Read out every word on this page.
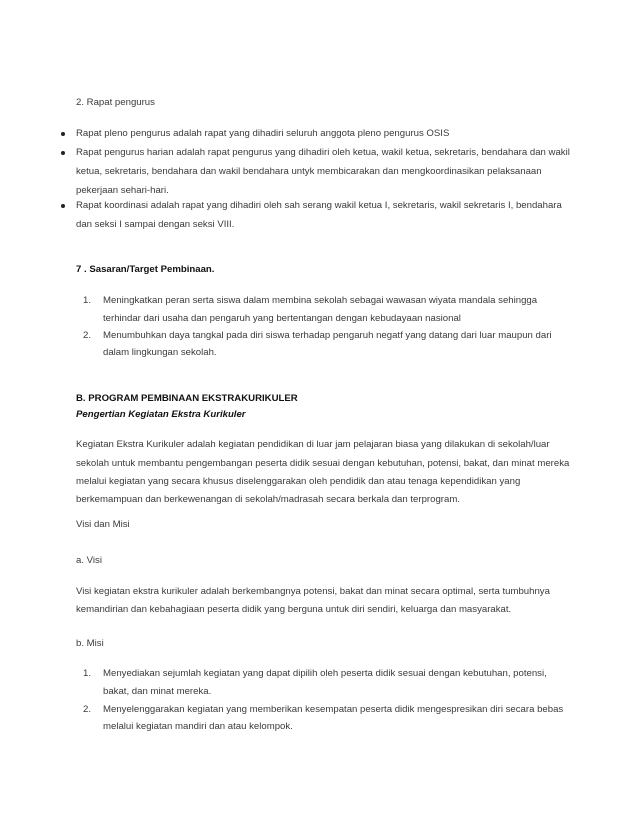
2. Rapat pengurus
Rapat pleno pengurus adalah rapat yang dihadiri seluruh anggota pleno pengurus OSIS
Rapat pengurus harian adalah rapat pengurus yang dihadiri oleh ketua, wakil ketua, sekretaris, bendahara dan wakil
ketua, sekretaris, bendahara dan wakil bendahara untyk membicarakan dan mengkoordinasikan pelaksanaan
pekerjaan sehari-hari.
Rapat koordinasi adalah rapat yang dihadiri oleh sah serang wakil ketua I, sekretaris, wakil sekretaris I, bendahara
dan seksi I sampai dengan seksi VIII.
7 . Sasaran/Target Pembinaan.
1. Meningkatkan peran serta siswa dalam membina sekolah sebagai wawasan wiyata mandala sehingga
terhindar dari usaha dan pengaruh yang bertentangan dengan kebudayaan nasional
2. Menumbuhkan daya tangkal pada diri siswa terhadap pengaruh negatf yang datang dari luar maupun dari
dalam lingkungan sekolah.
B. PROGRAM PEMBINAAN EKSTRAKURIKULER
Pengertian Kegiatan Ekstra Kurikuler
Kegiatan Ekstra Kurikuler adalah kegiatan pendidikan di luar jam pelajaran biasa yang dilakukan di sekolah/luar
sekolah untuk membantu pengembangan peserta didik sesuai dengan kebutuhan, potensi, bakat, dan minat mereka
melalui kegiatan yang secara khusus diselenggarakan oleh pendidik dan atau tenaga kependidikan yang
berkemampuan dan berkewenangan di sekolah/madrasah secara berkala dan terprogram.
Visi dan Misi
a. Visi
Visi kegiatan ekstra kurikuler adalah berkembangnya potensi, bakat dan minat secara optimal, serta tumbuhnya
kemandirian dan kebahagiaan peserta didik yang berguna untuk diri sendiri, keluarga dan masyarakat.
b. Misi
1. Menyediakan sejumlah kegiatan yang dapat dipilih oleh peserta didik sesuai dengan kebutuhan, potensi,
bakat, dan minat mereka.
2. Menyelenggarakan kegiatan yang memberikan kesempatan peserta didik mengespresikan diri secara bebas
melalui kegiatan mandiri dan atau kelompok.
